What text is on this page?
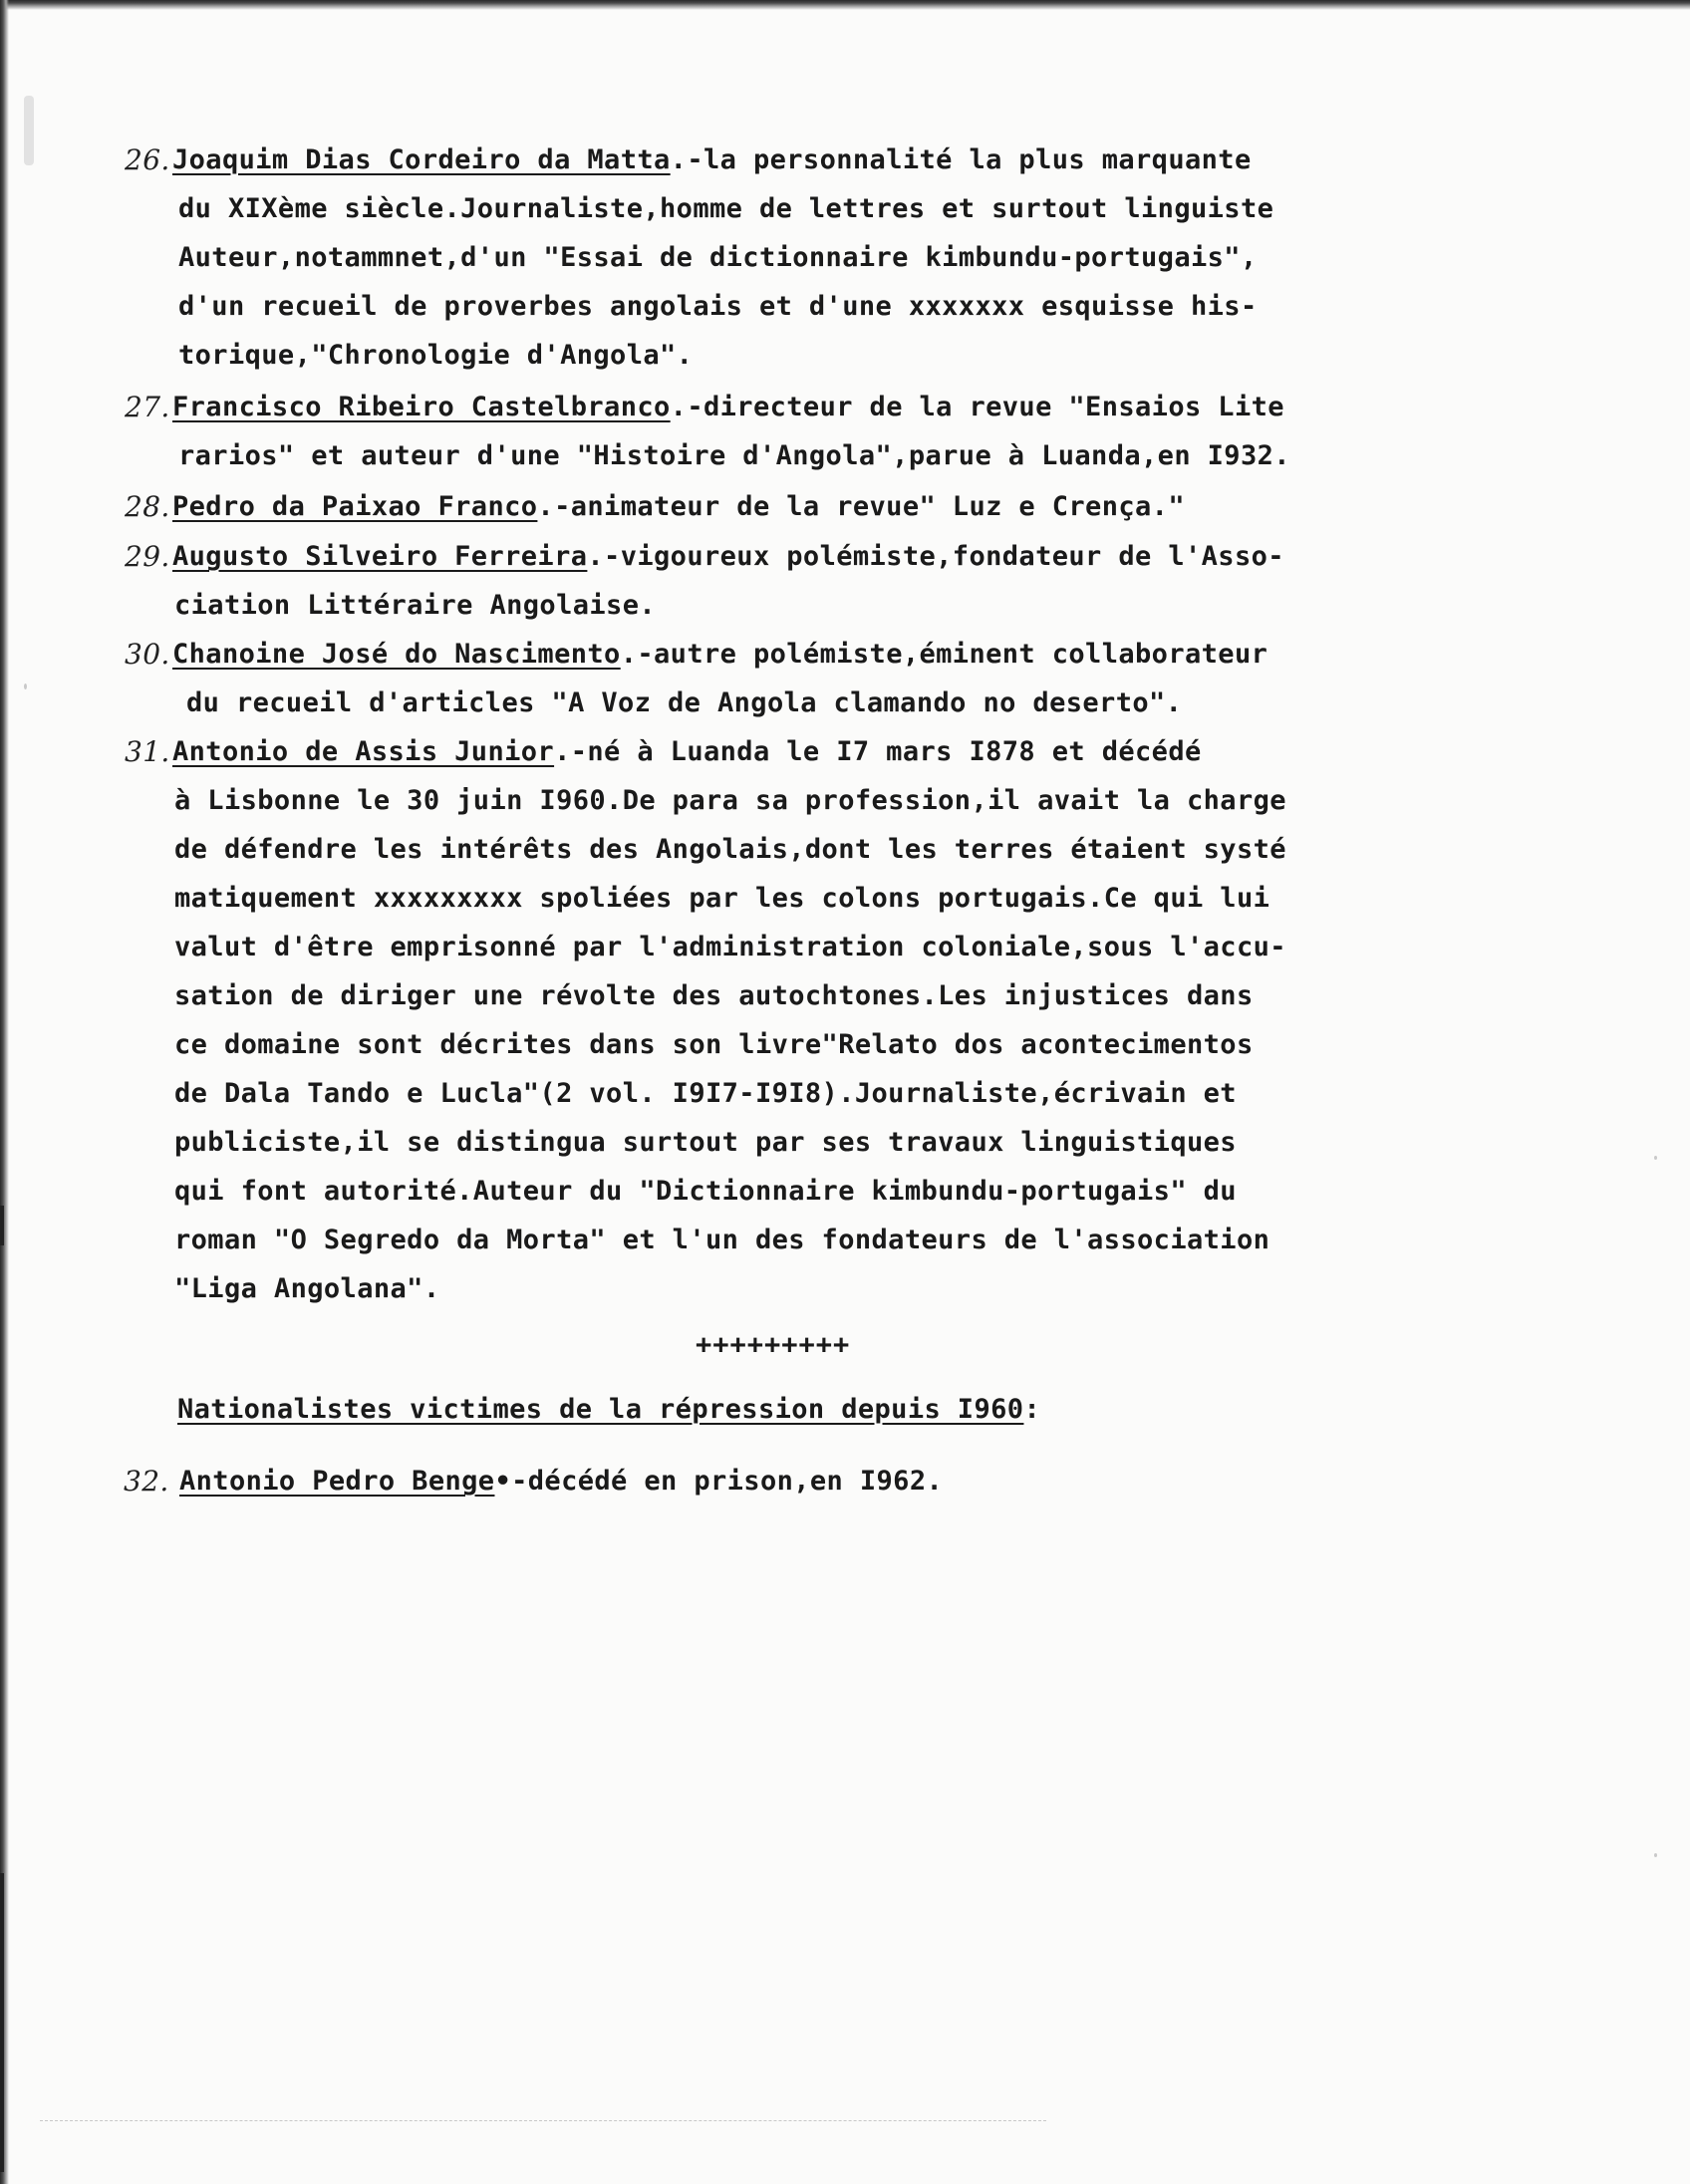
26. Joaquim Dias Cordeiro da Matta.-la personnalité la plus marquante
du XIXème siècle.Journaliste,homme de lettres et surtout linguiste
Auteur,notammnet,d'un "Essai de dictionnaire kimbundu-portugais",
d'un recueil de proverbes angolais et d'une xxxxxxx esquisse his-
torique,"Chronologie d'Angola".
27. Francisco Ribeiro Castelbranco.-directeur de la revue "Ensaios Lite
rarios" et auteur d'une "Histoire d'Angola",parue à Luanda,en I932.
28. Pedro da Paixao Franco.-animateur de la revue" Luz e Crença."
29. Augusto Silveiro Ferreira.-vigoureux polémiste,fondateur de l'Asso-
ciation Littéraire Angolaise.
30. Chanoine José do Nascimento.-autre polémiste,éminent collaborateur
du recueil d'articles "A Voz de Angola clamando no deserto".
31. Antonio de Assis Junior.-né à Luanda le I7 mars I878 et décédé
à Lisbonne le 30 juin I960.De para sa profession,il avait la charge
de défendre les intérêts des Angolais,dont les terres étaient systé
matiquement xxxxxxxxx spoliées par les colons portugais.Ce qui lui
valut d'être emprisonné par l'administration coloniale,sous l'accu-
sation de diriger une révolte des autochtones.Les injustices dans
ce domaine sont décrites dans son livre"Relato dos acontecimentos
de Dala Tando e Lucla"(2 vol. I9I7-I9I8).Journaliste,écrivain et
publiciste,il se distingua surtout par ses travaux linguistiques
qui font autorité.Auteur du "Dictionnaire kimbundu-portugais" du
roman "O Segredo da Morta" et l'un des fondateurs de l'association
"Liga Angolana".
+++++++++
Nationalistes victimes de la répression depuis I960:
32. Antonio Pedro Benge•-décédé en prison,en I962.
